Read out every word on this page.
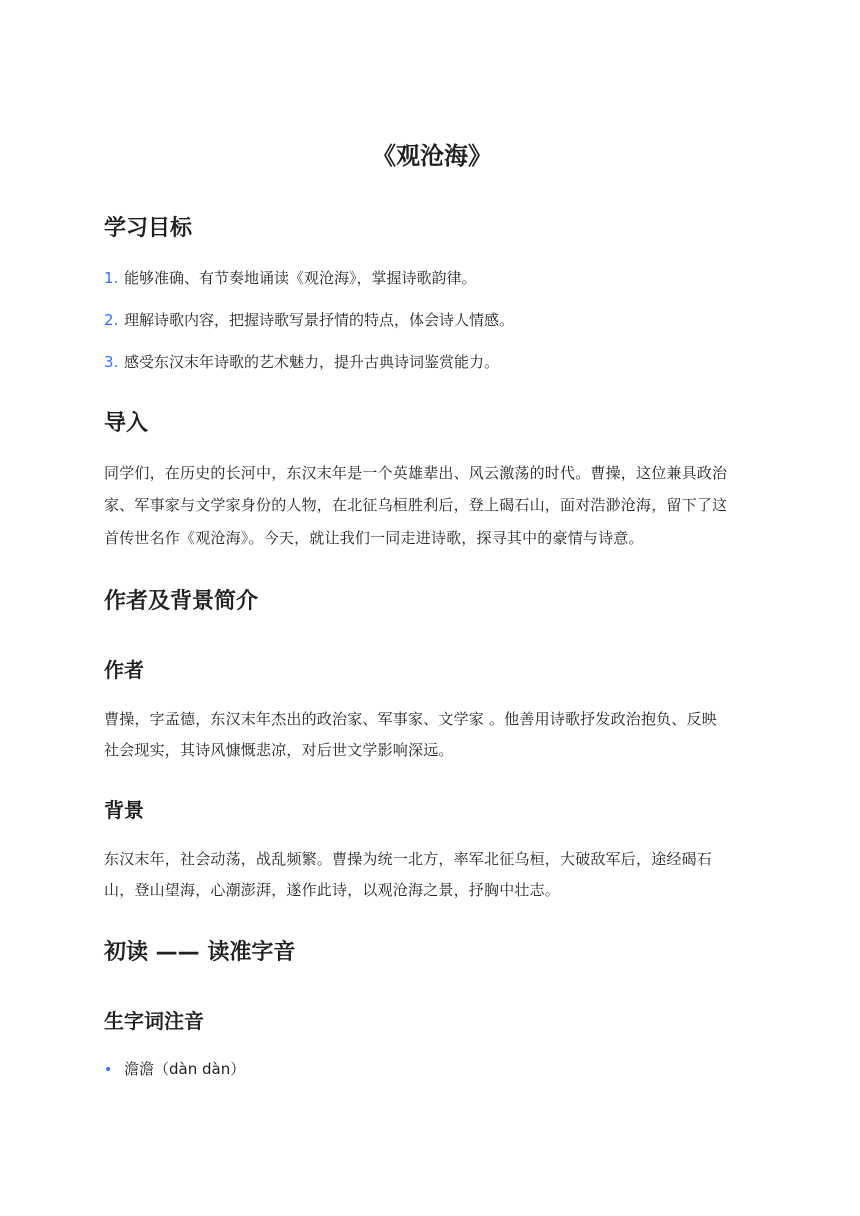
《观沧海》
学习目标
1. 能够准确、有节奏地诵读《观沧海》，掌握诗歌韵律。
2. 理解诗歌内容，把握诗歌写景抒情的特点，体会诗人情感。
3. 感受东汉末年诗歌的艺术魅力，提升古典诗词鉴赏能力。
导入

同学们，在历史的长河中，东汉末年是一个英雄辈出、风云激荡的时代。曹操，这位兼具政治

家、军事家与文学家身份的人物，在北征乌桓胜利后，登上碣石山，面对浩渺沧海，留下了这

首传世名作《观沧海》。今天，就让我们一同走进诗歌，探寻其中的豪情与诗意。

作者及背景简介
作者

曹操，字孟德，东汉末年杰出的政治家、军事家、文学家 。他善用诗歌抒发政治抱负、反映

社会现实，其诗风慷慨悲凉，对后世文学影响深远。

背景

东汉末年，社会动荡，战乱频繁。曹操为统一北方，率军北征乌桓，大破敌军后，途经碣石

山，登山望海，心潮澎湃，遂作此诗，以观沧海之景，抒胸中壮志。

初读 —— 读准字音
生字词注音
• 澹澹（dàn dàn）
